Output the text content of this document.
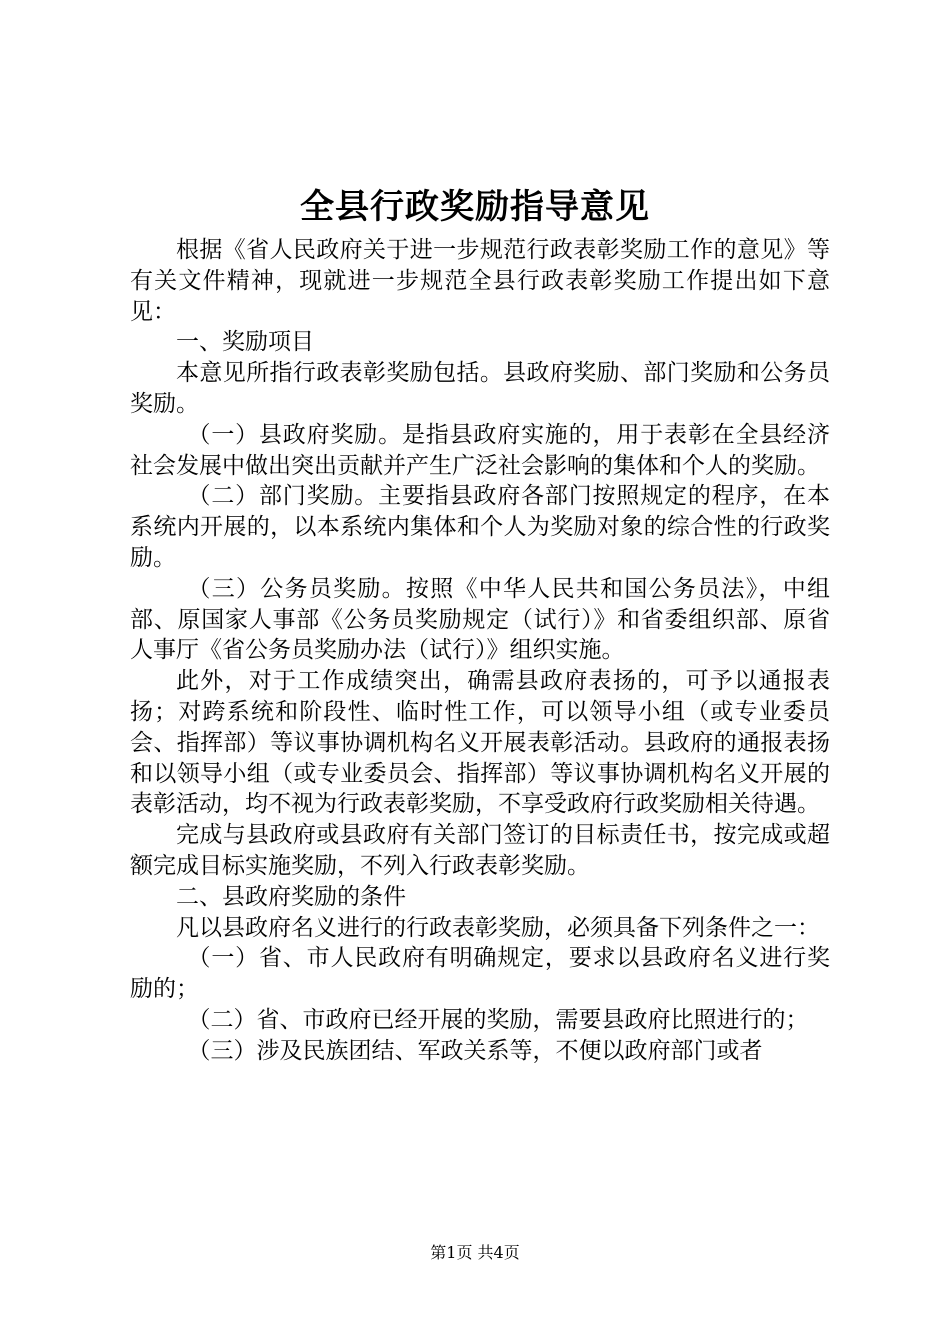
全县行政奖励指导意见

根据《省人民政府关于进一步规范行政表彰奖励工作的意见》等有关文件精神，现就进一步规范全县行政表彰奖励工作提出如下意见：

一、奖励项目

本意见所指行政表彰奖励包括。县政府奖励、部门奖励和公务员奖励。

（一）县政府奖励。是指县政府实施的，用于表彰在全县经济社会发展中做出突出贡献并产生广泛社会影响的集体和个人的奖励。

（二）部门奖励。主要指县政府各部门按照规定的程序，在本系统内开展的，以本系统内集体和个人为奖励对象的综合性的行政奖励。

（三）公务员奖励。按照《中华人民共和国公务员法》，中组部、原国家人事部《公务员奖励规定（试行）》和省委组织部、原省人事厅《省公务员奖励办法（试行）》组织实施。

此外，对于工作成绩突出，确需县政府表扬的，可予以通报表扬；对跨系统和阶段性、临时性工作，可以领导小组（或专业委员会、指挥部）等议事协调机构名义开展表彰活动。县政府的通报表扬和以领导小组（或专业委员会、指挥部）等议事协调机构名义开展的表彰活动，均不视为行政表彰奖励，不享受政府行政奖励相关待遇。

完成与县政府或县政府有关部门签订的目标责任书，按完成或超额完成目标实施奖励，不列入行政表彰奖励。

二、县政府奖励的条件

凡以县政府名义进行的行政表彰奖励，必须具备下列条件之一：

（一）省、市人民政府有明确规定，要求以县政府名义进行奖励的；

（二）省、市政府已经开展的奖励，需要县政府比照进行的；

（三）涉及民族团结、军政关系等，不便以政府部门或者

第1页 共4页
